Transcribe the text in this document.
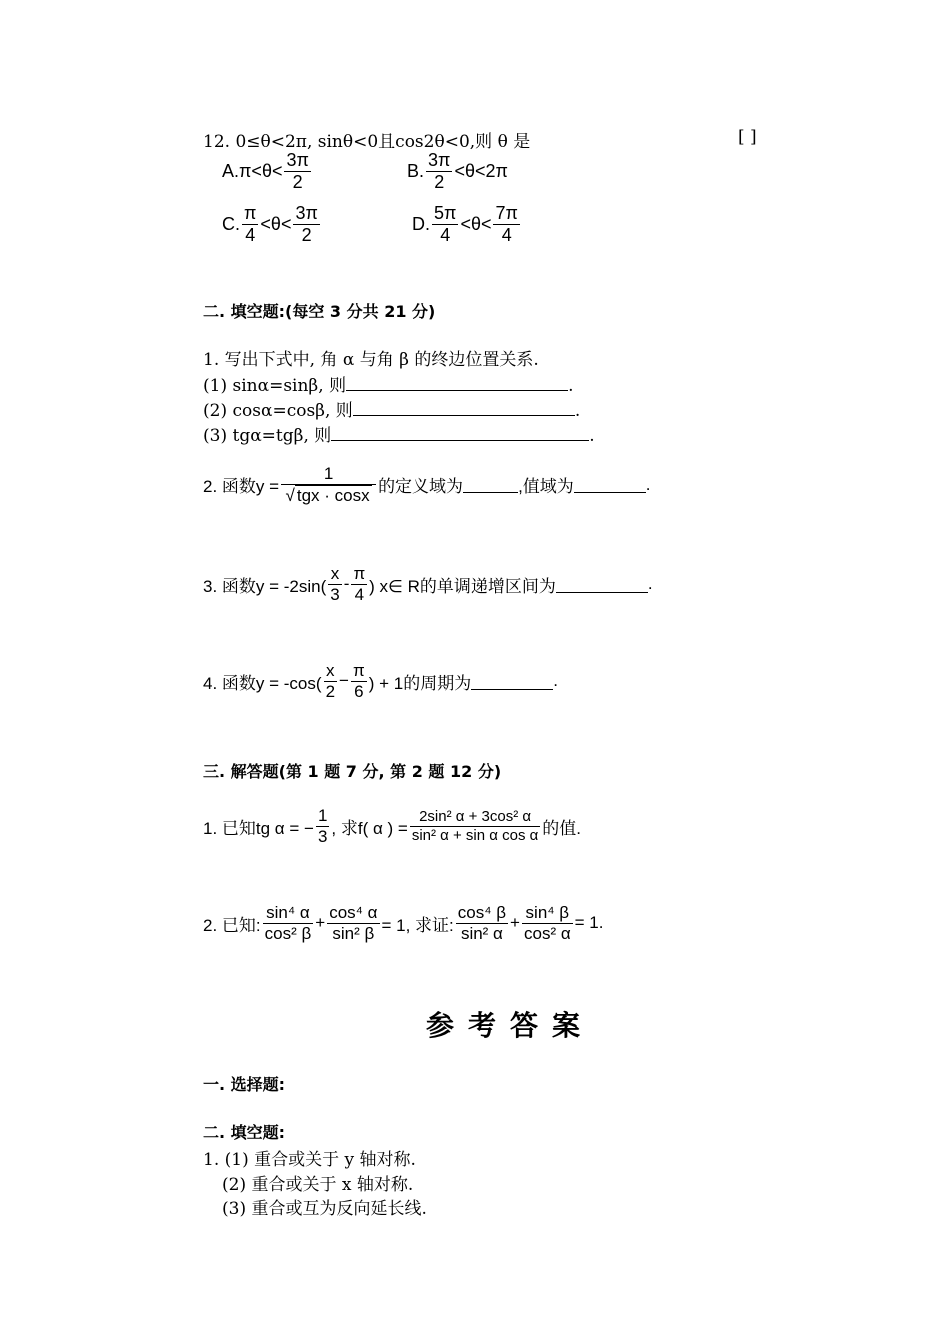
12. 0≤θ<2π, sinθ<0且cos2θ<0,则 θ 是	[ ]
A. $\pi<\theta< \frac{3\pi}{2}$	B. $\frac{3\pi}{2} <\theta<2\pi$
C. $\frac{\pi}{4} <\theta< \frac{3\pi}{2}$	D. $\frac{5\pi}{4} <\theta< \frac{7\pi}{4}$
二. 填空题:(每空 3 分共 21 分)
1. 写出下式中, 角 α 与角 β 的终边位置关系.
(1) sinα=sinβ, 则	.
(2) cosα=cosβ, 则	.
(3) tgα=tgβ, 则	.
2. 函数$y = \frac{1}{\text{√ tgx · cosx}}$ 的定义域为	,值域为	.
3. 函数$y = -2\sin( \frac{x}{3} - \frac{\pi}{4}$ ) x∈ R的单调递增区间为	.
4. 函数$y = -\cos( \frac{x}{2} - \frac{\pi}{6}$ ) + 1的周期为	.
三. 解答题(第 1 题 7 分, 第 2 题 12 分)
1. 已知tg α = − $\frac{1}{3}$ , 求f( α ) = $\frac{\text{2sin² α + 3cos² α}}{\text{sin² α + sin α cos α}}$ 的值.
2. 已知: $\frac{\text{sin⁴ α}}{\text{cos² β}} + \frac{\text{cos⁴ α}}{\text{sin² β}} = 1$, 求证: $\frac{\text{cos⁴ β}}{\text{sin² α}} + \frac{\text{sin⁴ β}}{\text{cos² α}} = 1$.
参考答案
一. 选择题:
二. 填空题:
1. (1) 重合或关于 y 轴对称.
(2) 重合或关于 x 轴对称.
(3) 重合或互为反向延长线.
